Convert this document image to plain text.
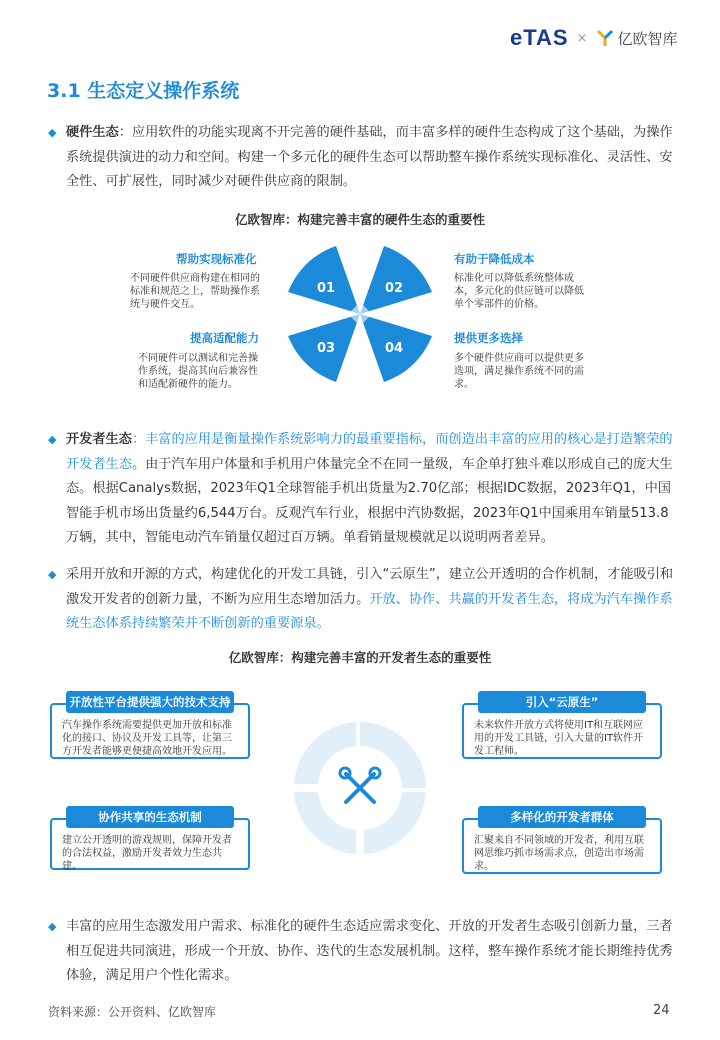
eTAS × 亿欧智库
3.1 生态定义操作系统
◆ 硬件生态：应用软件的功能实现离不开完善的硬件基础，而丰富多样的硬件生态构成了这个基础，为操作系统提供演进的动力和空间。构建一个多元化的硬件生态可以帮助整车操作系统实现标准化、灵活性、安全性、可扩展性，同时减少对硬件供应商的限制。
亿欧智库：构建完善丰富的硬件生态的重要性
01	02
03	04
帮助实现标准化
不同硬件供应商构建在相同的标准和规范之上，帮助操作系统与硬件交互。
有助于降低成本
标准化可以降低系统整体成本，多元化的供应链可以降低单个零部件的价格。
提高适配能力
不同硬件可以测试和完善操作系统，提高其向后兼容性和适配新硬件的能力。
提供更多选择
多个硬件供应商可以提供更多选项，满足操作系统不同的需求。
◆ 开发者生态：丰富的应用是衡量操作系统影响力的最重要指标，而创造出丰富的应用的核心是打造繁荣的开发者生态。由于汽车用户体量和手机用户体量完全不在同一量级，车企单打独斗难以形成自己的庞大生态。根据Canalys数据，2023年Q1全球智能手机出货量为2.70亿部；根据IDC数据，2023年Q1，中国智能手机市场出货量约6,544万台。反观汽车行业，根据中汽协数据，2023年Q1中国乘用车销量513.8 万辆，其中，智能电动汽车销量仅超过百万辆。单看销量规模就足以说明两者差异。
◆ 采用开放和开源的方式，构建优化的开发工具链，引入“云原生”，建立公开透明的合作机制，才能吸引和激发开发者的创新力量，不断为应用生态增加活力。开放、协作、共赢的开发者生态，将成为汽车操作系统生态体系持续繁荣并不断创新的重要源泉。
亿欧智库：构建完善丰富的开发者生态的重要性
开放性平台提供强大的技术支持
汽车操作系统需要提供更加开放和标准化的接口、协议及开发工具等，让第三方开发者能够更便捷高效地开发应用。
引入“云原生”
未来软件开放方式将使用IT和互联网应用的开发工具链，引入大量的IT软件开发工程师。
协作共享的生态机制
建立公开透明的游戏规则，保障开发者的合法权益，激励开发者效力生态共建。
多样化的开发者群体
汇聚来自不同领域的开发者，利用互联网思维巧抓市场需求点，创造出市场需求。
◆ 丰富的应用生态激发用户需求、标准化的硬件生态适应需求变化、开放的开发者生态吸引创新力量，三者相互促进共同演进，形成一个开放、协作、迭代的生态发展机制。这样，整车操作系统才能长期维持优秀体验，满足用户个性化需求。
资料来源：公开资料、亿欧智库	24
